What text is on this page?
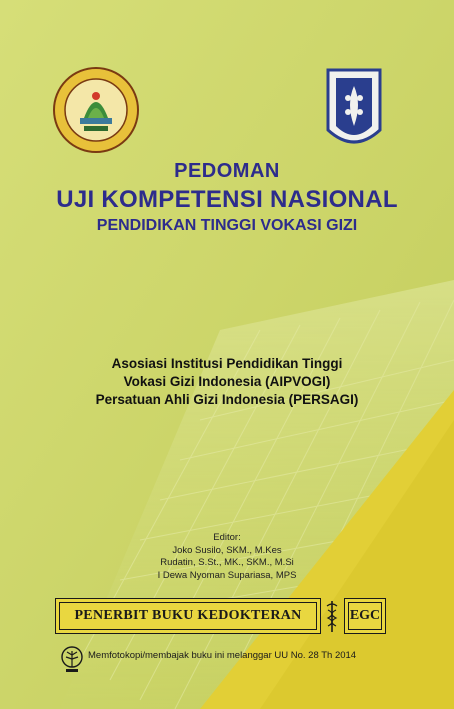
PEDOMAN
UJI KOMPETENSI NASIONAL
PENDIDIKAN TINGGI VOKASI GIZI
Asosiasi Institusi Pendidikan Tinggi
Vokasi Gizi Indonesia (AIPVOGI)
Persatuan Ahli Gizi Indonesia (PERSAGI)
Editor:
Joko Susilo, SKM., M.Kes
Rudatin, S.St., MK., SKM., M.Si
I Dewa Nyoman Supariasa, MPS
PENERBIT BUKU KEDOKTERAN	EGC
Memfotokopi/membajak buku ini melanggar UU No. 28 Th 2014
